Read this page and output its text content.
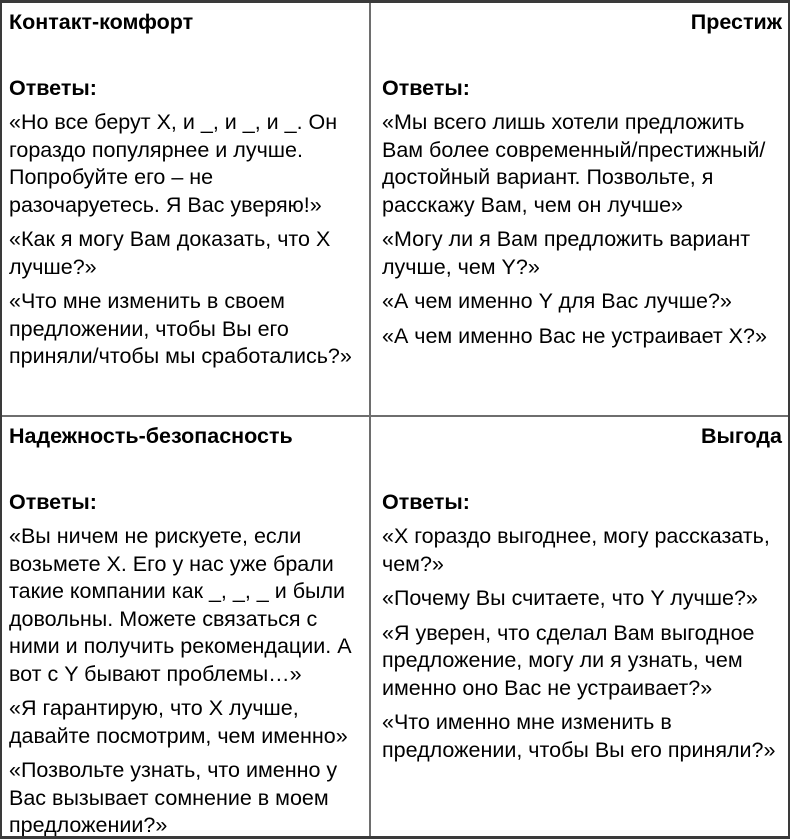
Контакт-комфорт

Ответы:

«Но все берут X, и _, и _, и _. Он гораздо популярнее и лучше. Попробуйте его – не разочаруетесь. Я Вас уверяю!»

«Как я могу Вам доказать, что X лучше?»

«Что мне изменить в своем предложении, чтобы Вы его приняли/чтобы мы сработались?»

Престиж

Ответы:

«Мы всего лишь хотели предложить Вам более современный/престижный/достойный вариант. Позвольте, я расскажу Вам, чем он лучше»

«Могу ли я Вам предложить вариант лучше, чем Y?»

«А чем именно Y для Вас лучше?»

«А чем именно Вас не устраивает X?»

Надежность-безопасность

Ответы:

«Вы ничем не рискуете, если возьмете X. Его у нас уже брали такие компании как _, _, _ и были довольны. Можете связаться с ними и получить рекомендации. А вот с Y бывают проблемы…»

«Я гарантирую, что X лучше, давайте посмотрим, чем именно»

«Позвольте узнать, что именно у Вас вызывает сомнение в моем предложении?»

Выгода

Ответы:

«X гораздо выгоднее, могу рассказать, чем?»

«Почему Вы считаете, что Y лучше?»

«Я уверен, что сделал Вам выгодное предложение, могу ли я узнать, чем именно оно Вас не устраивает?»

«Что именно мне изменить в предложении, чтобы Вы его приняли?»
